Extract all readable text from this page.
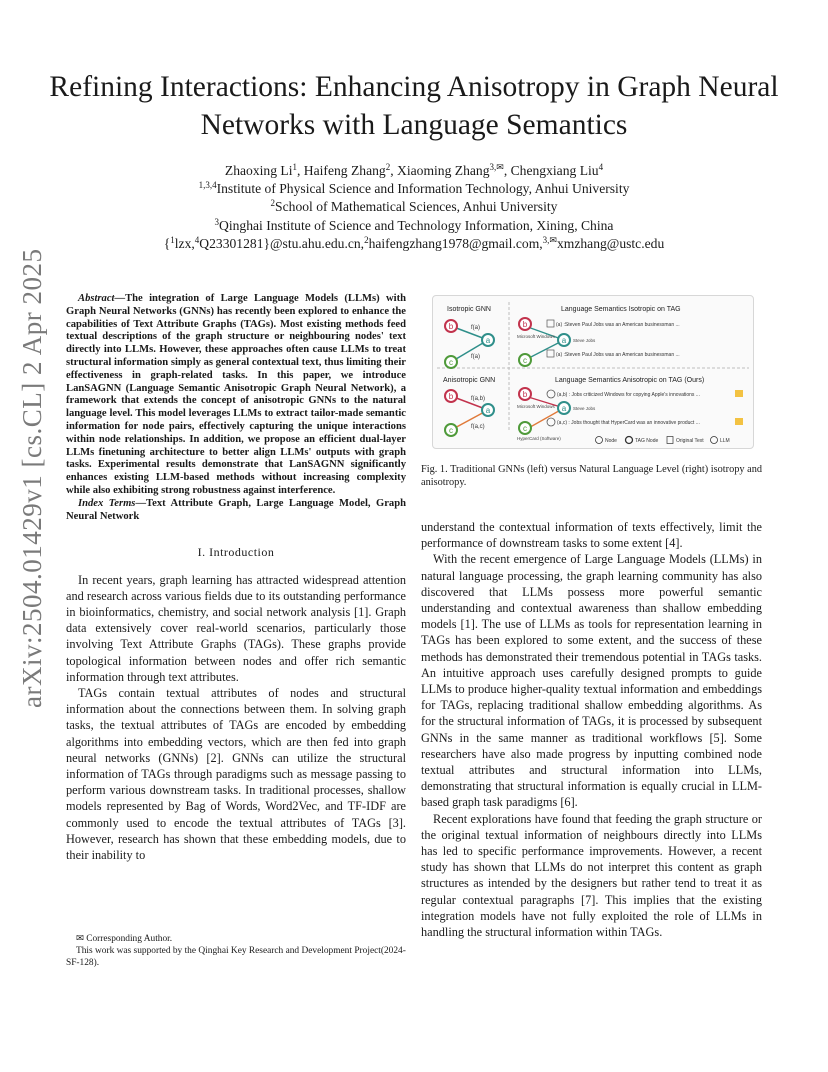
Refining Interactions: Enhancing Anisotropy in Graph Neural Networks with Language Semantics
Zhaoxing Li$^1$, Haifeng Zhang$^2$, Xiaoming Zhang$^{3,✉}$, Chengxiang Liu$^4$
$^{1,3,4}$Institute of Physical Science and Information Technology, Anhui University
$^2$School of Mathematical Sciences, Anhui University
$^3$Qinghai Institute of Science and Technology Information, Xining, China
{$^1$lzx,$^4$Q23301281}@stu.ahu.edu.cn,$^2$haifengzhang1978@gmail.com,$^{3,✉}$xmzhang@ustc.edu
arXiv:2504.01429v1 [cs.CL] 2 Apr 2025	Abstract—The integration of Large Language Models (LLMs) with Graph Neural Networks (GNNs) has recently been explored to enhance the capabilities of Text Attribute Graphs (TAGs). Most existing methods feed textual descriptions of the graph structure or neighbouring nodes' text directly into LLMs. However, these approaches often cause LLMs to treat structural information simply as general contextual text, thus limiting their effectiveness in graph-related tasks. In this paper, we introduce LanSAGNN (Language Semantic Anisotropic Graph Neural Network), a framework that extends the concept of anisotropic GNNs to the natural language level. This model leverages LLMs to extract tailor-made semantic information for node pairs, effectively capturing the unique interactions within node relationships. In addition, we propose an efficient dual-layer LLMs finetuning architecture to better align LLMs' outputs with graph tasks. Experimental results demonstrate that LanSAGNN significantly enhances existing LLM-based methods without increasing complexity while also exhibiting strong robustness against interference.

Index Terms—Text Attribute Graph, Large Language Model, Graph Neural Network

I. Introduction

In recent years, graph learning has attracted widespread attention and research across various fields due to its outstanding performance in bioinformatics, chemistry, and social network analysis [1]. Graph data extensively cover real-world scenarios, particularly those involving Text Attribute Graphs (TAGs). These graphs provide topological information between nodes and offer rich semantic information through text attributes.

TAGs contain textual attributes of nodes and structural information about the connections between them. In solving graph tasks, the textual attributes of TAGs are encoded by embedding algorithms into embedding vectors, which are then fed into graph neural networks (GNNs) [2]. GNNs can utilize the structural information of TAGs through paradigms such as message passing to perform various downstream tasks. In traditional processes, shallow models represented by Bag of Words, Word2Vec, and TF-IDF are commonly used to encode the textual attributes of TAGs [3]. However, research has shown that these embedding models, due to their inability to

✉ Corresponding Author.

This work was supported by the Qinghai Key Research and Development Project(2024-SF-128).

Isotropic GNN
b
a
c
f(a)
f(a)
Anisotropic GNN
b
a
c
f(a,b)
f(a,c)
Language Semantics Isotropic on TAG
b
Microsoft Windows a Steve Jobs
c
(a) :Steven Paul Jobs was an American businessman ...
(a) :Steven Paul Jobs was an American businessman ...
Language Semantics Anisotropic on TAG (Ours)
b
Microsoft Windows a Steve Jobs
c
HyperCard (Software)
(a,b) : Jobs criticized Windows for copying Apple's innovations ...
(a,c) : Jobs thought that HyperCard was an innovative product ...
Node	TAG Node	Original Text	LLM
Fig. 1. Traditional GNNs (left) versus Natural Language Level (right) isotropy and anisotropy.

understand the contextual information of texts effectively, limit the performance of downstream tasks to some extent [4].

With the recent emergence of Large Language Models (LLMs) in natural language processing, the graph learning community has also discovered that LLMs possess more powerful semantic understanding and contextual awareness than shallow embedding models [1]. The use of LLMs as tools for representation learning in TAGs has been explored to some extent, and the success of these methods has demonstrated their tremendous potential in TAGs tasks. An intuitive approach uses carefully designed prompts to guide LLMs to produce higher-quality textual information and embeddings for TAGs, replacing traditional shallow embedding algorithms. As for the structural information of TAGs, it is processed by subsequent GNNs in the same manner as traditional workflows [5]. Some researchers have also made progress by inputting combined node textual attributes and structural information into LLMs, demonstrating that structural information is equally crucial in LLM-based graph task paradigms [6].

Recent explorations have found that feeding the graph structure or the original textual information of neighbours directly into LLMs has led to specific performance improvements. However, a recent study has shown that LLMs do not interpret this content as graph structures as intended by the designers but rather tend to treat it as regular contextual paragraphs [7]. This implies that the existing integration models have not fully exploited the role of LLMs in handling the structural information within TAGs.
